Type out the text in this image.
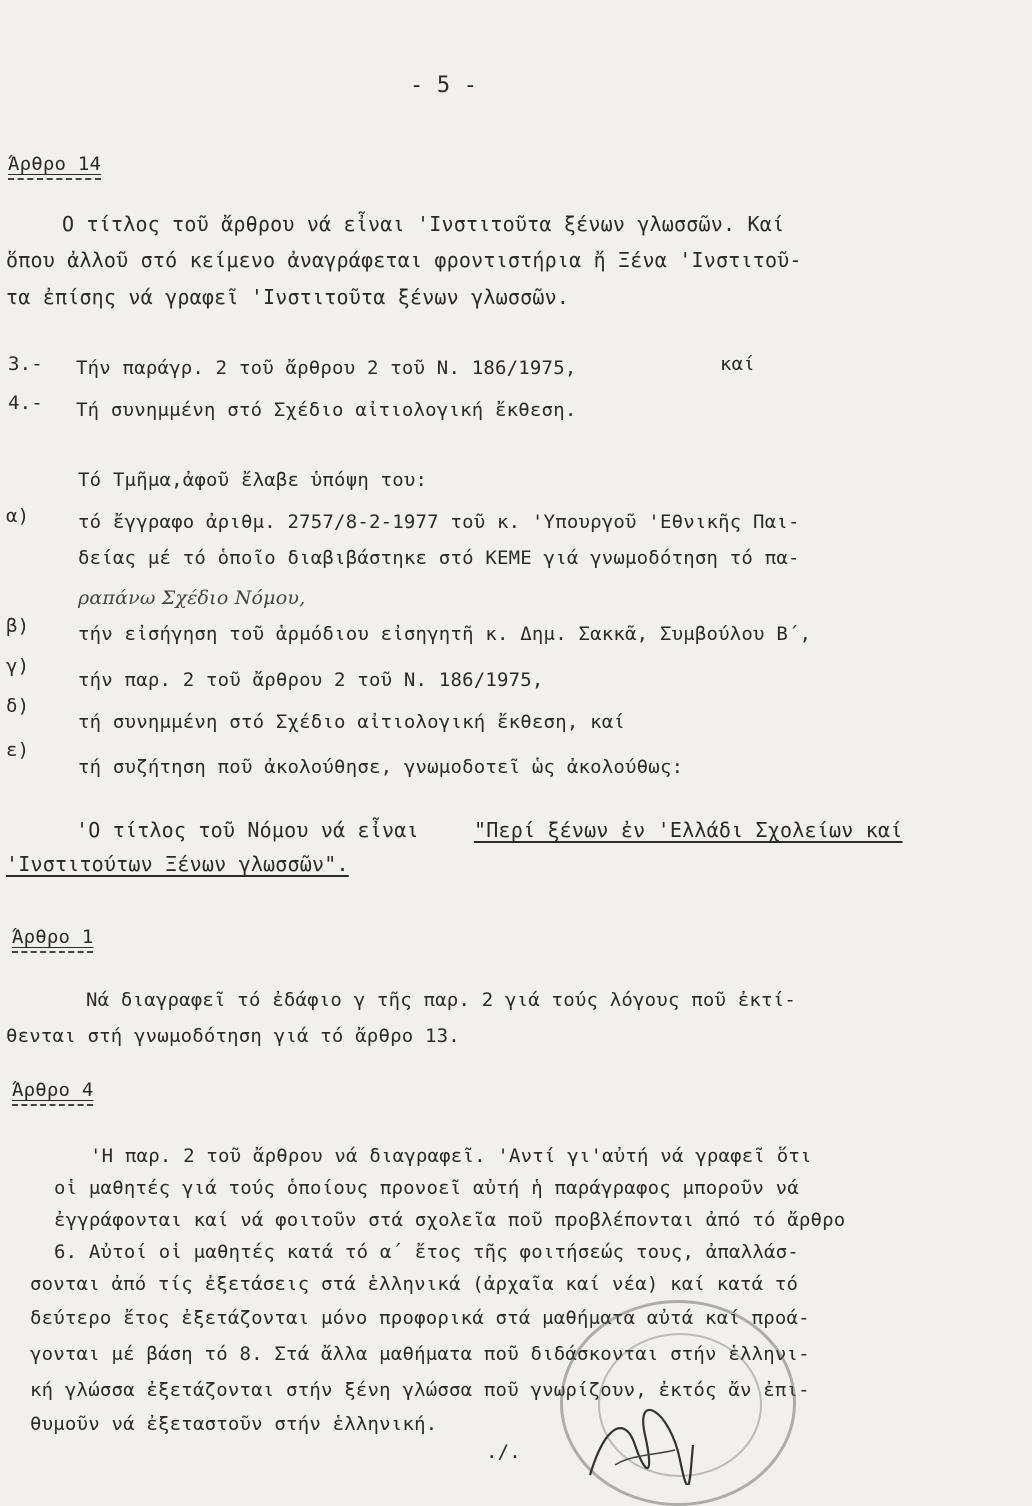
- 5 -
Άρθρο 14
Ο τίτλος τοῦ ἄρθρου νά εἶναι 'Ινστιτοῦτα ξένων γλωσσῶν. Καί
ὅπου ἀλλοῦ στό κείμενο ἀναγράφεται φροντιστήρια ἤ Ξένα 'Ινστιτοῦ-
τα ἐπίσης νά γραφεῖ 'Ινστιτοῦτα ξένων γλωσσῶν.
3.- Τήν παράγρ. 2 τοῦ ἄρθρου 2 τοῦ Ν. 186/1975,	καί
4.- Τή συνημμένη στό Σχέδιο αἰτιολογική ἔκθεση.
Τό Τμῆμα,ἀφοῦ ἔλαβε ὑπόψη του:
α)	τό ἔγγραφο ἀριθμ. 2757/8-2-1977 τοῦ κ. 'Υπουργοῦ 'Εθνικῆς Παι-
δείας μέ τό ὁποῖο διαβιβάστηκε στό ΚΕΜΕ γιά γνωμοδότηση τό πα-
ραπάνω Σχέδιο Νόμου,
β)	τήν εἰσήγηση τοῦ ἁρμόδιου εἰσηγητῆ κ. Δημ. Σακκᾶ, Συμβούλου Β΄,
γ)
τήν παρ. 2 τοῦ ἄρθρου 2 τοῦ Ν. 186/1975,
δ)
τή συνημμένη στό Σχέδιο αἰτιολογική ἔκθεση, καί
ε)
τή συζήτηση ποῦ ἀκολούθησε, γνωμοδοτεῖ ὡς ἀκολούθως:
'Ο τίτλος τοῦ Νόμου νά εἶναι	"Περί ξένων ἐν 'Ελλάδι Σχολείων καί
'Ινστιτούτων Ξένων γλωσσῶν".
Άρθρο 1
Νά διαγραφεῖ τό ἐδάφιο γ τῆς παρ. 2 γιά τούς λόγους ποῦ ἐκτί-
θενται στή γνωμοδότηση γιά τό ἄρθρο 13.
Άρθρο 4
'Η παρ. 2 τοῦ ἄρθρου νά διαγραφεῖ. 'Αντί γι'αὐτή νά γραφεῖ ὅτι
οἱ μαθητές γιά τούς ὁποίους προνοεῖ αὐτή ἡ παράγραφος μποροῦν νά
ἐγγράφονται καί νά φοιτοῦν στά σχολεῖα ποῦ προβλέπονται ἀπό τό ἄρθρο
6. Αὐτοί οἱ μαθητές κατά τό α΄ ἔτος τῆς φοιτήσεώς τους, ἀπαλλάσ-
σονται ἀπό τίς ἐξετάσεις στά ἑλληνικά (ἀρχαῖα καί νέα) καί κατά τό
δεύτερο ἔτος ἐξετάζονται μόνο προφορικά στά μαθήματα αὐτά καί προά-
γονται μέ βάση τό 8. Στά ἄλλα μαθήματα ποῦ διδάσκονται στήν ἑλληνι-
κή γλώσσα ἐξετάζονται στήν ξένη γλώσσα ποῦ γνωρίζουν, ἐκτός ἄν ἐπι-
θυμοῦν νά ἐξεταστοῦν στήν ἑλληνική.
./.
